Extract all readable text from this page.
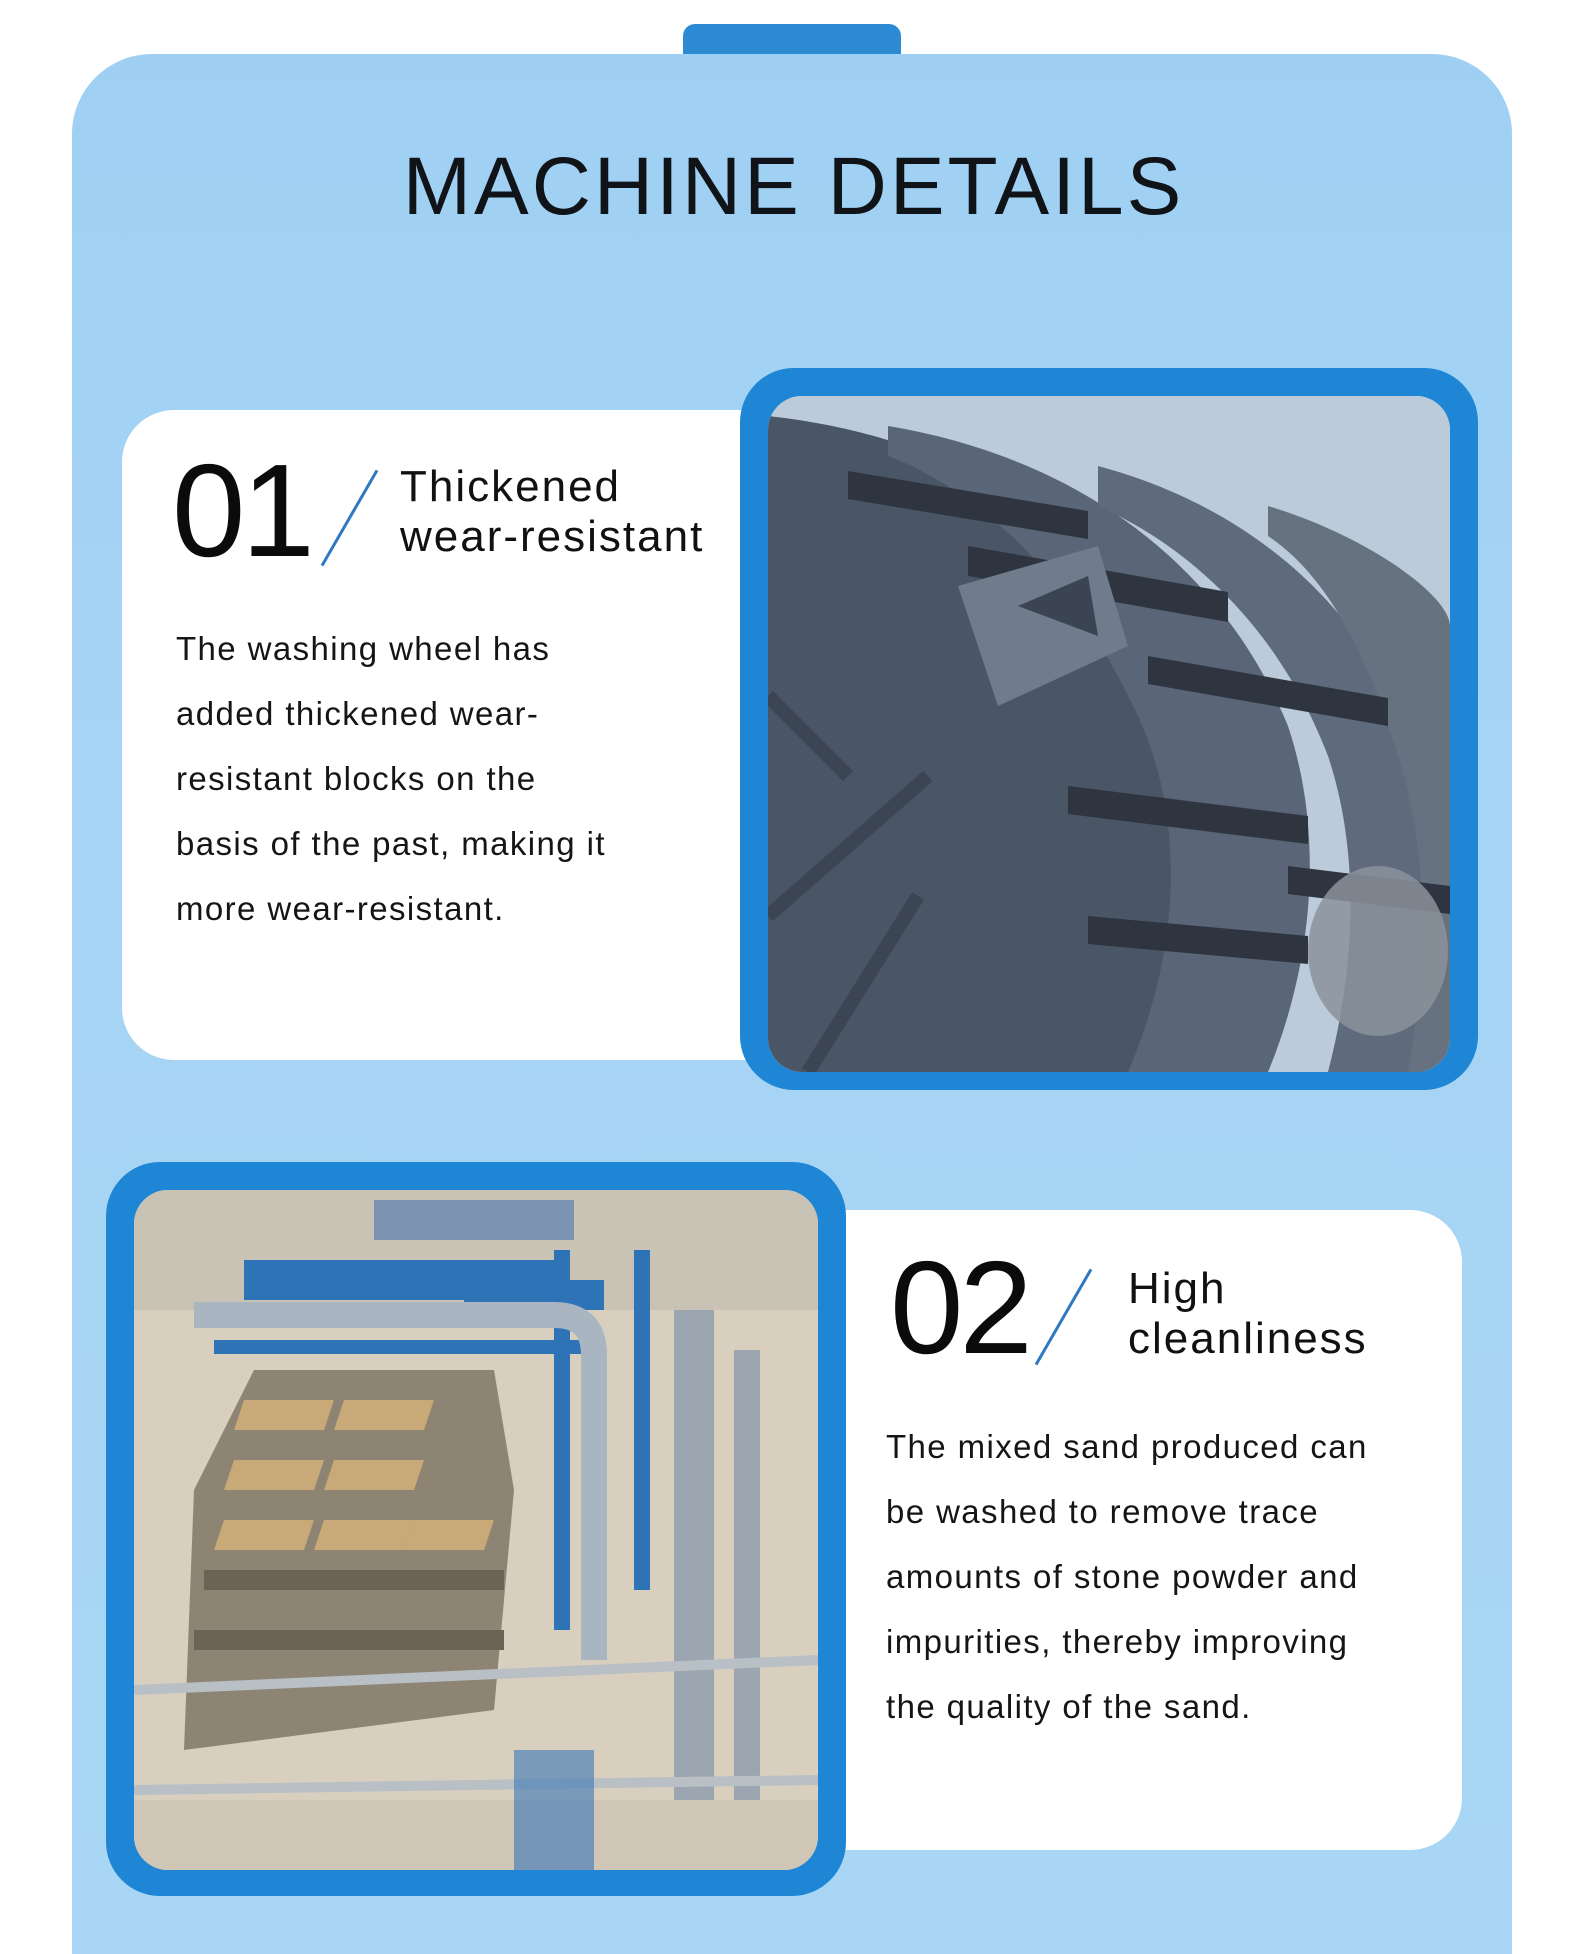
MACHINE DETAILS
01 Thickened
wear-resistant
The washing wheel has
added thickened wear-
resistant blocks on the
basis of the past, making it
more wear-resistant.
02 High
cleanliness
The mixed sand produced can
be washed to remove trace
amounts of stone powder and
impurities, thereby improving
the quality of the sand.
